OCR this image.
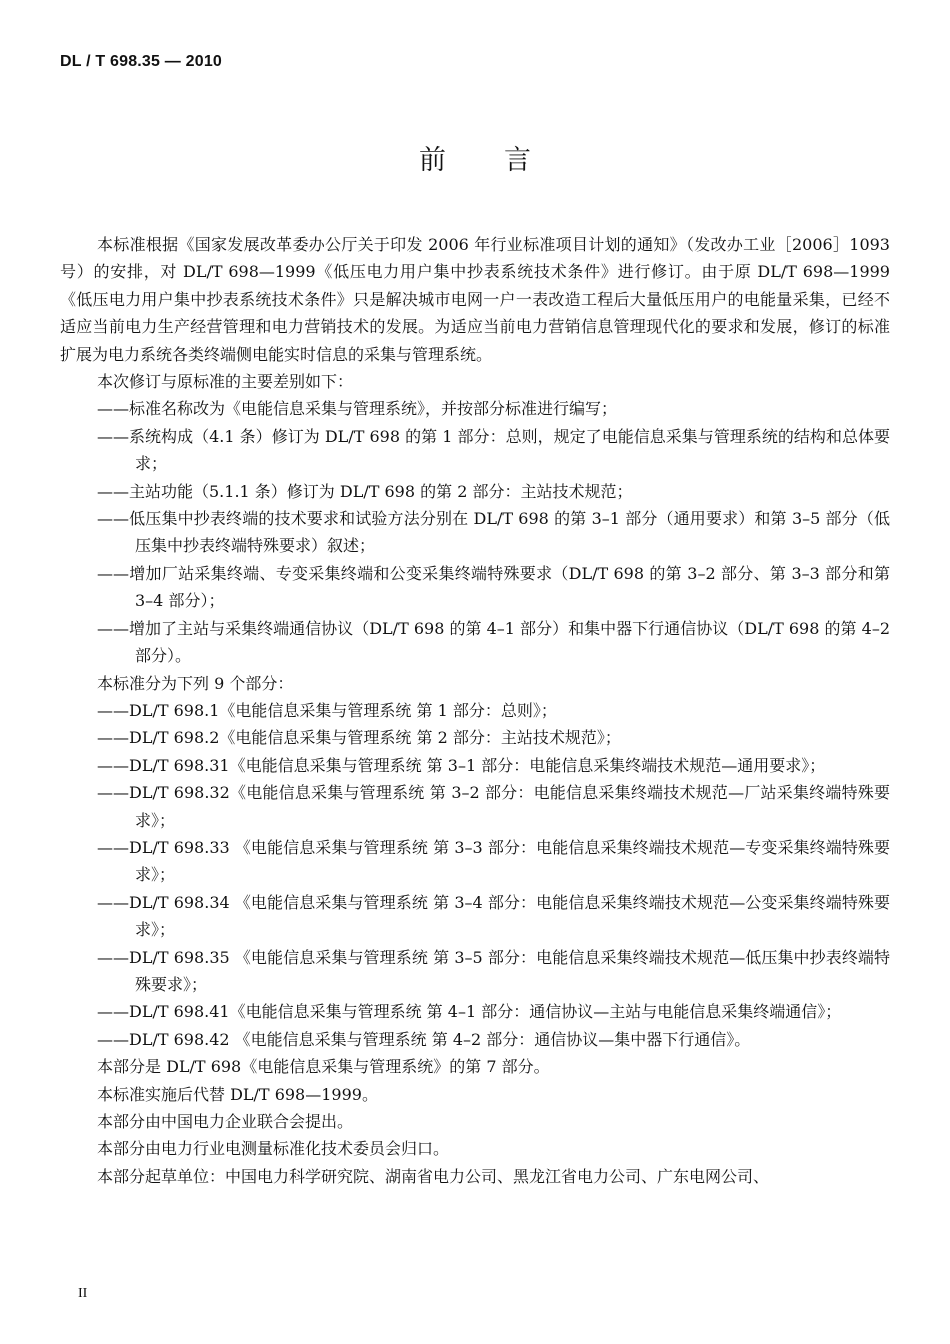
DL / T 698.35 — 2010
前言

本标准根据《国家发展改革委办公厅关于印发 2006 年行业标准项目计划的通知》（发改办工业［2006］1093 号）的安排，对 DL/T 698—1999《低压电力用户集中抄表系统技术条件》进行修订。由于原 DL/T 698—1999《低压电力用户集中抄表系统技术条件》只是解决城市电网一户一表改造工程后大量低压用户的电能量采集，已经不适应当前电力生产经营管理和电力营销技术的发展。为适应当前电力营销信息管理现代化的要求和发展，修订的标准扩展为电力系统各类终端侧电能实时信息的采集与管理系统。

本次修订与原标准的主要差别如下：

——标准名称改为《电能信息采集与管理系统》，并按部分标准进行编写；

——系统构成（4.1 条）修订为 DL/T 698 的第 1 部分：总则，规定了电能信息采集与管理系统的结构和总体要求；

——主站功能（5.1.1 条）修订为 DL/T 698 的第 2 部分：主站技术规范；

——低压集中抄表终端的技术要求和试验方法分别在 DL/T 698 的第 3–1 部分（通用要求）和第 3–5 部分（低压集中抄表终端特殊要求）叙述；

——增加厂站采集终端、专变采集终端和公变采集终端特殊要求（DL/T 698 的第 3–2 部分、第 3–3 部分和第 3–4 部分）；

——增加了主站与采集终端通信协议（DL/T 698 的第 4–1 部分）和集中器下行通信协议（DL/T 698 的第 4–2 部分）。

本标准分为下列 9 个部分：

——DL/T 698.1《电能信息采集与管理系统 第 1 部分：总则》；

——DL/T 698.2《电能信息采集与管理系统 第 2 部分：主站技术规范》；

——DL/T 698.31《电能信息采集与管理系统 第 3–1 部分：电能信息采集终端技术规范—通用要求》；

——DL/T 698.32《电能信息采集与管理系统 第 3–2 部分：电能信息采集终端技术规范—厂站采集终端特殊要求》；

——DL/T 698.33 《电能信息采集与管理系统 第 3–3 部分：电能信息采集终端技术规范—专变采集终端特殊要求》；

——DL/T 698.34 《电能信息采集与管理系统 第 3–4 部分：电能信息采集终端技术规范—公变采集终端特殊要求》；

——DL/T 698.35 《电能信息采集与管理系统 第 3–5 部分：电能信息采集终端技术规范—低压集中抄表终端特殊要求》；

——DL/T 698.41《电能信息采集与管理系统 第 4–1 部分：通信协议—主站与电能信息采集终端通信》；

——DL/T 698.42 《电能信息采集与管理系统 第 4–2 部分：通信协议—集中器下行通信》。

本部分是 DL/T 698《电能信息采集与管理系统》的第 7 部分。

本标准实施后代替 DL/T 698—1999。

本部分由中国电力企业联合会提出。

本部分由电力行业电测量标准化技术委员会归口。

本部分起草单位：中国电力科学研究院、湖南省电力公司、黑龙江省电力公司、广东电网公司、

II
